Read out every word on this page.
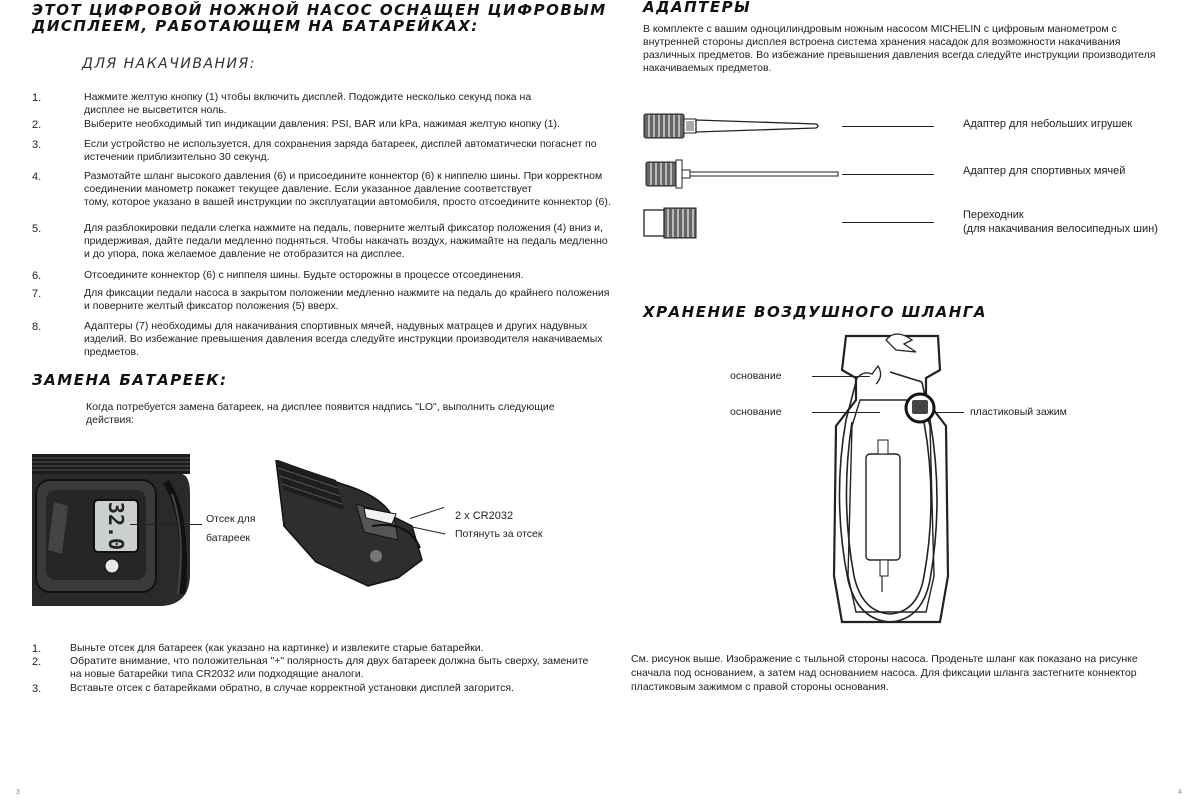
ЭТОТ ЦИФРОВОЙ НОЖНОЙ НАСОС ОСНАЩЕН ЦИФРОВЫМ
ДИСПЛЕЕМ, РАБОТАЮЩЕМ НА БАТАРЕЙКАХ:
ДЛЯ НАКАЧИВАНИЯ:
1.	Нажмите желтую кнопку (1) чтобы включить дисплей. Подождите несколько секунд пока на
дисплее не высветится ноль.
2.	Выберите необходимый тип индикации давления: PSI, BAR или kPa, нажимая желтую кнопку (1).
3.	Если устройство не используется, для сохранения заряда батареек, дисплей автоматически погаснет по
истечении приблизительно 30 секунд.
4.	Размотайте шланг высокого давления (6) и присоедините коннектор (6) к ниппелю шины. При корректном
соединении манометр покажет текущее давление. Если указанное давление соответствует
тому, которое указано в вашей инструкции по эксплуатации автомобиля, просто отсоедините коннектор (6).
5.	Для разблокировки педали слегка нажмите на педаль, поверните желтый фиксатор положения (4) вниз и,
придерживая, дайте педали медленно подняться. Чтобы накачать воздух, нажимайте на педаль медленно
и до упора, пока желаемое давление не отобразится на дисплее.
6.	Отсоедините коннектор (6) с ниппеля шины. Будьте осторожны в процессе отсоединения.
7.	Для фиксации педали насоса в закрытом положении медленно нажмите на педаль до крайнего положения
и поверните желтый фиксатор положения (5) вверх.
8.	Адаптеры (7) необходимы для накачивания спортивных мячей, надувных матрацев и других надувных
изделий. Во избежание превышения давления всегда следуйте инструкции производителя накачиваемых
предметов.
ЗАМЕНА БАТАРЕЕК:
Когда потребуется замена батареек, на дисплее появится надпись "LO", выполнить следующие
действия:
32.0	Отсек для
батареек
2 х CR2032
Потянуть за отсек
1.	Выньте отсек для батареек (как указано на картинке) и извлеките старые батарейки.
2.	Обратите внимание, что положительная "+" полярность для двух батареек должна быть сверху, замените
на новые батарейки типа CR2032 или подходящие аналоги.
3.	Вставьте отсек с батарейками обратно, в случае корректной установки дисплей загорится.
3
АДАПТЕРЫ
В комплекте с вашим одноцилиндровым ножным насосом MICHELIN с цифровым манометром с
внутренней стороны дисплея встроена система хранения насадок для возможности накачивания
различных предметов. Во избежание превышения давления всегда следуйте инструкции производителя
накачиваемых предметов.
Адаптер для небольших игрушек
Адаптер для спортивных мячей
Переходник
(для накачивания велосипедных шин)
ХРАНЕНИЕ ВОЗДУШНОГО ШЛАНГА
основание
основание	пластиковый зажим
См. рисунок выше. Изображение с тыльной стороны насоса. Проденьте шланг как показано на рисунке
сначала под основанием, а затем над основанием насоса. Для фиксации шланга застегните коннектор
пластиковым зажимом с правой стороны основания.
4
